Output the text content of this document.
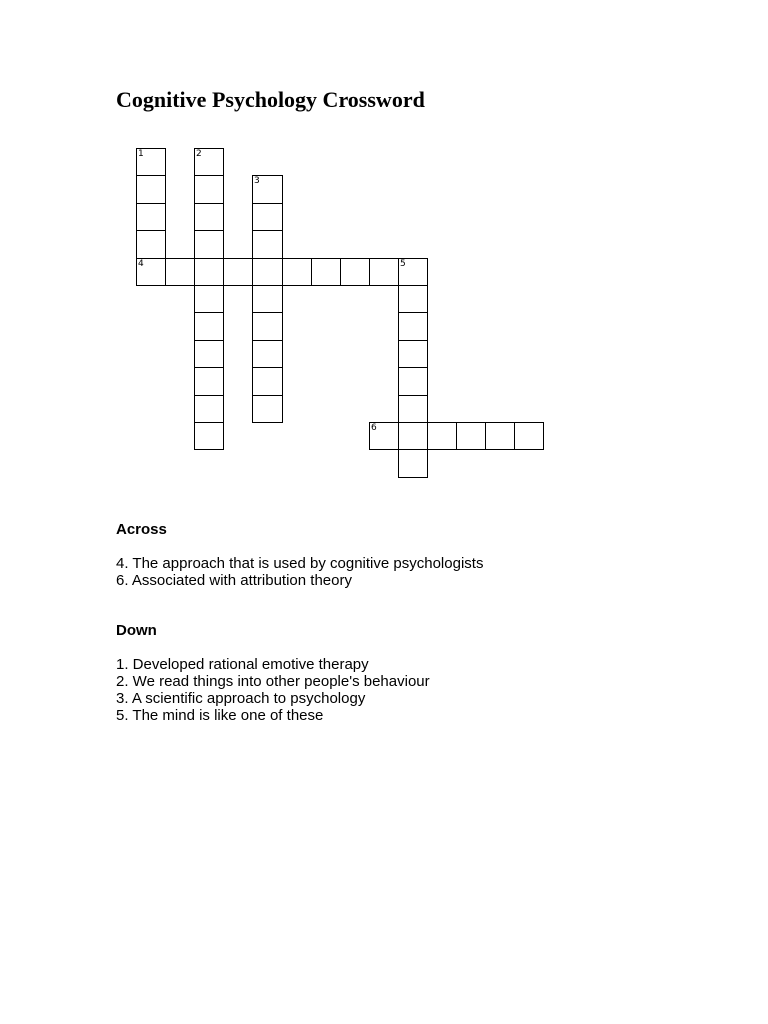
Cognitive Psychology Crossword
1
4
2
3
5
6
Across
4. The approach that is used by cognitive psychologists
6. Associated with attribution theory
Down
1. Developed rational emotive therapy
2. We read things into other people's behaviour
3. A scientific approach to psychology
5. The mind is like one of these
